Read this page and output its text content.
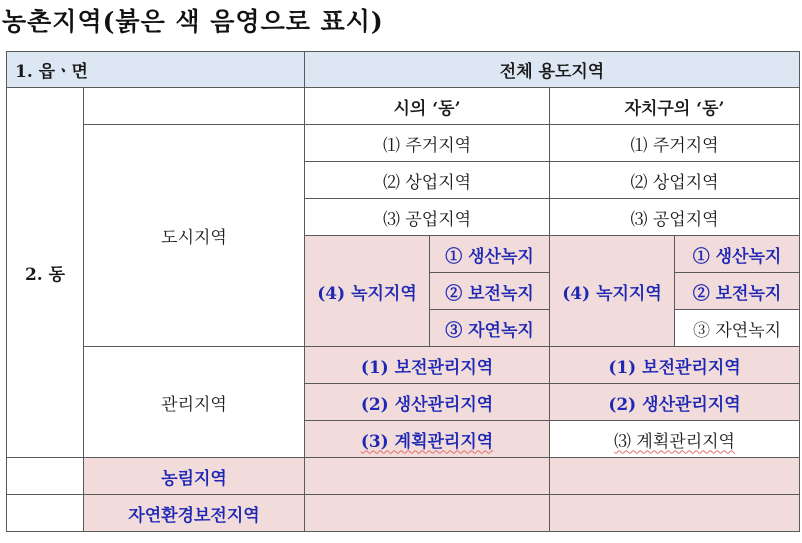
농촌지역(붉은 색 음영으로 표시)
1. 읍ㆍ면		전체 용도지역			
2. 동		시의 ‘동’		자치구의 ‘동’	
	도시지역	⑴ 주거지역		⑴ 주거지역	
		⑵ 상업지역		⑵ 상업지역	
		⑶ 공업지역		⑶ 공업지역	
		(4) 녹지지역	① 생산녹지	(4) 녹지지역	① 생산녹지
			② 보전녹지		② 보전녹지
			③ 자연녹지		③ 자연녹지
	관리지역	(1) 보전관리지역		(1) 보전관리지역	
		(2) 생산관리지역		(2) 생산관리지역	
		(3) 계획관리지역		⑶ 계획관리지역	
	농림지역				
	자연환경보전지역				
